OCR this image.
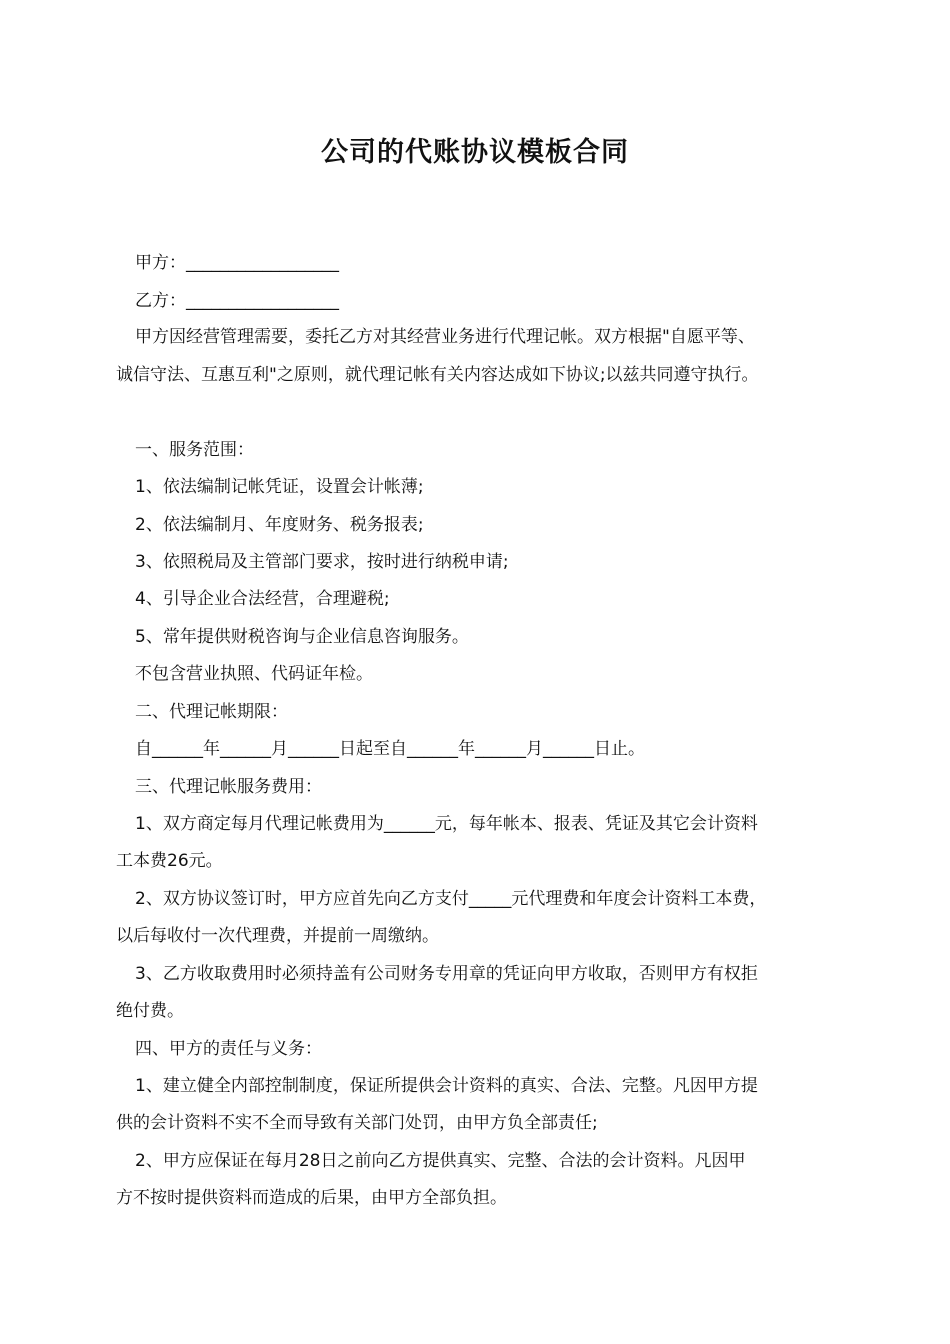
公司的代账协议模板合同
甲方：__________________
乙方：__________________
甲方因经营管理需要，委托乙方对其经营业务进行代理记帐。双方根据"自愿平等、
诚信守法、互惠互利"之原则，就代理记帐有关内容达成如下协议;以兹共同遵守执行。
一、服务范围：
1、依法编制记帐凭证，设置会计帐薄;
2、依法编制月、年度财务、税务报表;
3、依照税局及主管部门要求，按时进行纳税申请;
4、引导企业合法经营，合理避税;
5、常年提供财税咨询与企业信息咨询服务。
不包含营业执照、代码证年检。
二、代理记帐期限：
自______年______月______日起至自______年______月______日止。
三、代理记帐服务费用：
1、双方商定每月代理记帐费用为______元，每年帐本、报表、凭证及其它会计资料
工本费26元。
2、双方协议签订时，甲方应首先向乙方支付_____元代理费和年度会计资料工本费，
以后每收付一次代理费，并提前一周缴纳。
3、乙方收取费用时必须持盖有公司财务专用章的凭证向甲方收取，否则甲方有权拒
绝付费。
四、甲方的责任与义务：
1、建立健全内部控制制度，保证所提供会计资料的真实、合法、完整。凡因甲方提
供的会计资料不实不全而导致有关部门处罚，由甲方负全部责任;
2、甲方应保证在每月28日之前向乙方提供真实、完整、合法的会计资料。凡因甲
方不按时提供资料而造成的后果，由甲方全部负担。
